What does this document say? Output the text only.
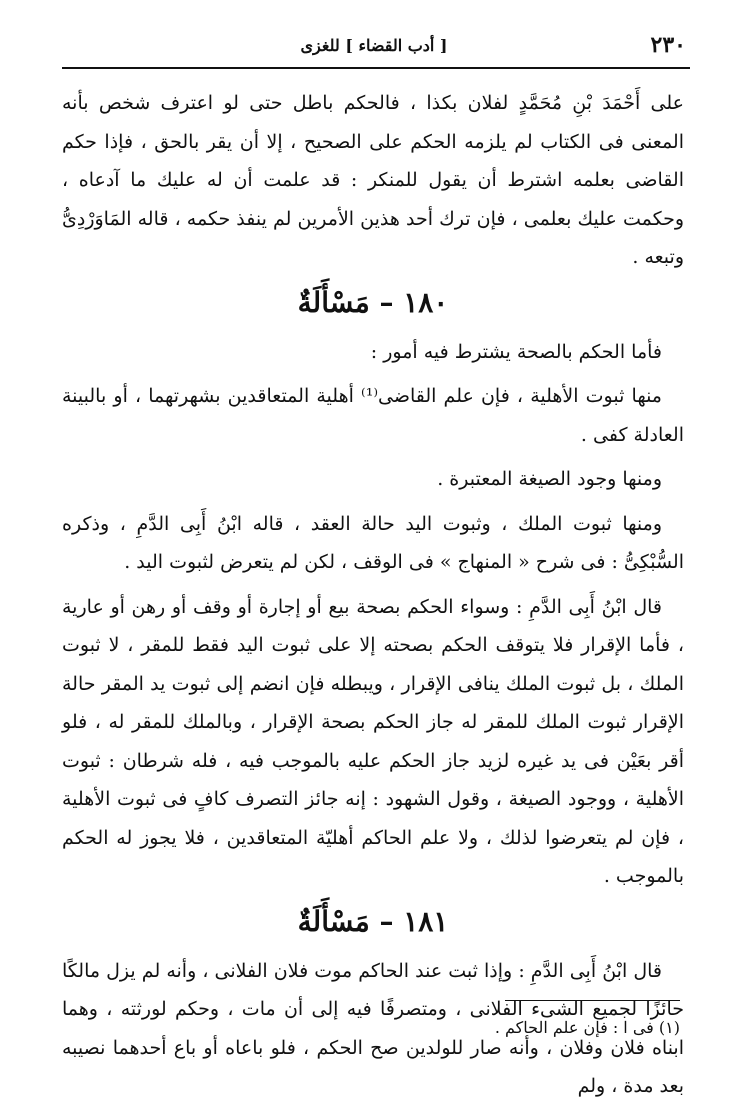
٢٣٠
[ أدب القضاء ] للغزى

على أَحْمَدَ بْنِ مُحَمَّدٍ لفلان بكذا ، فالحكم باطل حتى لو اعترف شخص بأنه المعنى فى الكتاب لم يلزمه الحكم على الصحيح ، إلا أن يقر بالحق ، فإذا حكم القاضى بعلمه اشترط أن يقول للمنكر : قد علمت أن له عليك ما آدعاه ، وحكمت عليك بعلمى ، فإن ترك أحد هذين الأمرين لم ينفذ حكمه ، قاله المَاوَرْدِىُّ وتبعه .

١٨٠ – مَسْأَلَةٌ

فأما الحكم بالصحة يشترط فيه أمور :

منها ثبوت الأهلية ، فإن علم القاضى⁽¹⁾ أهلية المتعاقدين بشهرتهما ، أو بالبينة العادلة كفى .

ومنها وجود الصيغة المعتبرة .

ومنها ثبوت الملك ، وثبوت اليد حالة العقد ، قاله ابْنُ أَبِى الدَّمِ ، وذكره السُّبْكِىُّ : فى شرح « المنهاج » فى الوقف ، لكن لم يتعرض لثبوت اليد .

قال ابْنُ أَبِى الدَّمِ : وسواء الحكم بصحة بيع أو إجارة أو وقف أو رهن أو عارية ، فأما الإقرار فلا يتوقف الحكم بصحته إلا على ثبوت اليد فقط للمقر ، لا ثبوت الملك ، بل ثبوت الملك ينافى الإقرار ، ويبطله فإن انضم إلى ثبوت يد المقر حالة الإقرار ثبوت الملك للمقر له جاز الحكم بصحة الإقرار ، وبالملك للمقر له ، فلو أقر بعَيْن فى يد غيره لزيد جاز الحكم عليه بالموجب فيه ، فله شرطان : ثبوت الأهلية ، ووجود الصيغة ، وقول الشهود : إنه جائز التصرف كافٍ فى ثبوت الأهلية ، فإن لم يتعرضوا لذلك ، ولا علم الحاكم أهليّة المتعاقدين ، فلا يجوز له الحكم بالموجب .

١٨١ – مَسْأَلَةٌ

قال ابْنُ أَبِى الدَّمِ : وإذا ثبت عند الحاكم موت فلان الفلانى ، وأنه لم يزل مالكًا حائزًا لجميع الشىء الفلانى ، ومتصرفًا فيه إلى أن مات ، وحكم لورثته ، وهما ابناه فلان وفلان ، وأنه صار للولدين صح الحكم ، فلو باعاه أو باع أحدهما نصيبه بعد مدة ، ولم

(١) فى ا : فإن علم الحاكم .
